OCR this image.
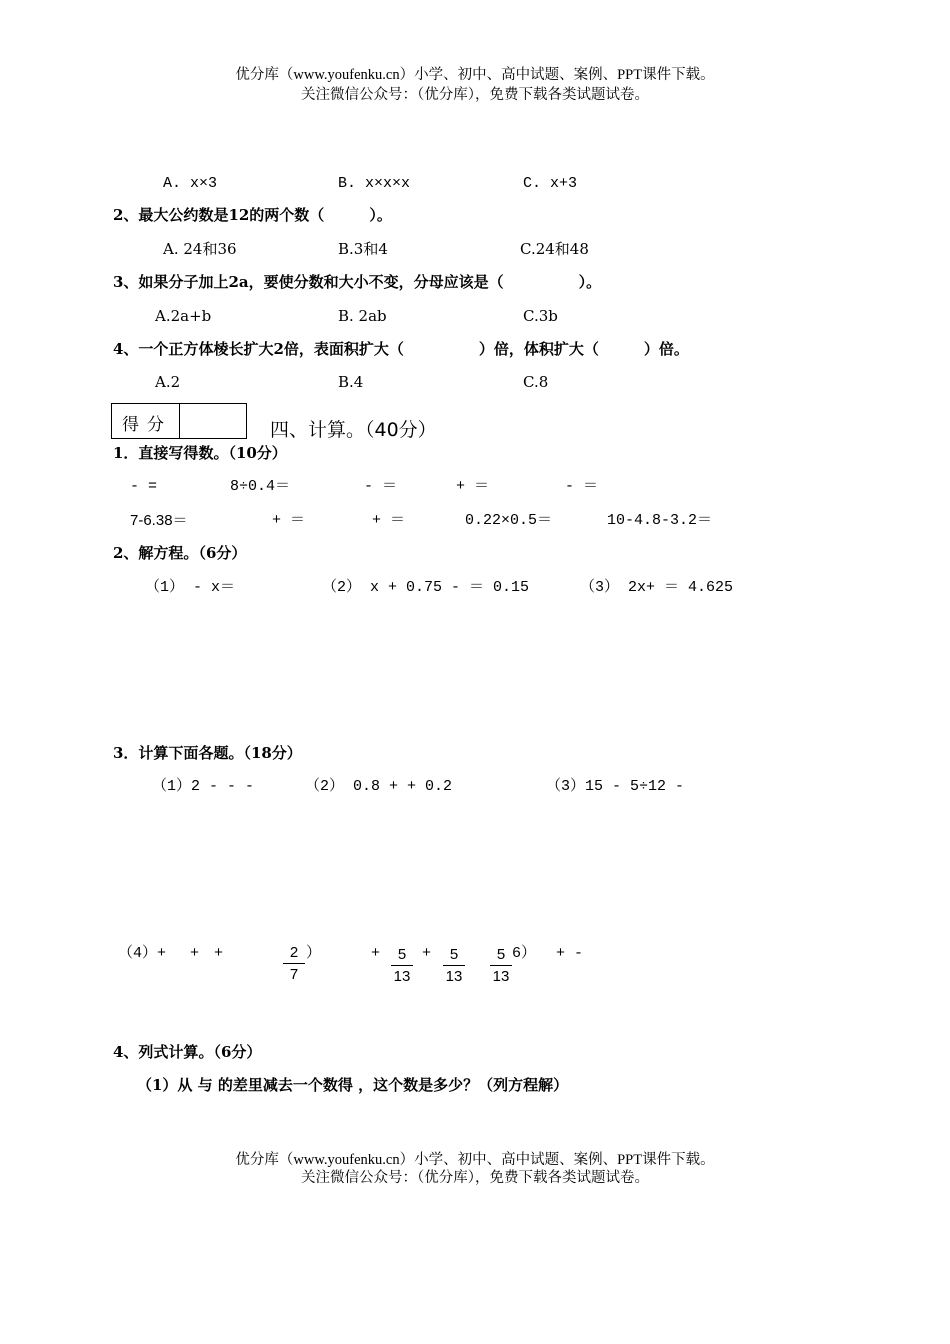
优分库（www.youfenku.cn）小学、初中、高中试题、案例、PPT课件下载。
关注微信公众号：（优分库），免费下载各类试题试卷。
A. x×3	B. x×x×x	C. x+3
2、最大公约数是12的两个数（　　　）。
A. 24和36	B.3和4	C.24和48
3、如果分子加上2a，要使分数和大小不变，分母应该是（　　　　　）。
A.2a+b	B. 2ab	C.3b
4、一个正方体棱长扩大2倍，表面积扩大（　　　　　）倍，体积扩大（　　　）倍。
A.2	B.4	C.8
得分	四、计算。（40分）
1．直接写得数。（10分）
- =	8÷0.4＝	- ＝	+ ＝	- ＝
7-6.38＝	+ ＝	+ ＝	0.22×0.5＝	10-4.8-3.2＝
2、解方程。（6分）
（1） - x＝	（2） x + 0.75 - ＝ 0.15	（3） 2x+ ＝ 4.625
3．计算下面各题。（18分）
（1）2 - - -	（2） 0.8 + + 0.2	（3）15 - 5÷12 -
（4）+　 +　+	$\frac{2}{7}$ ）	+ $\frac{5}{13} + \frac{5}{13} \frac{5}{13} 6$） + -
4、列式计算。（6分）
（1）从 与 的差里减去一个数得 ，这个数是多少？（列方程解）
优分库（www.youfenku.cn）小学、初中、高中试题、案例、PPT课件下载。
关注微信公众号：（优分库），免费下载各类试题试卷。
